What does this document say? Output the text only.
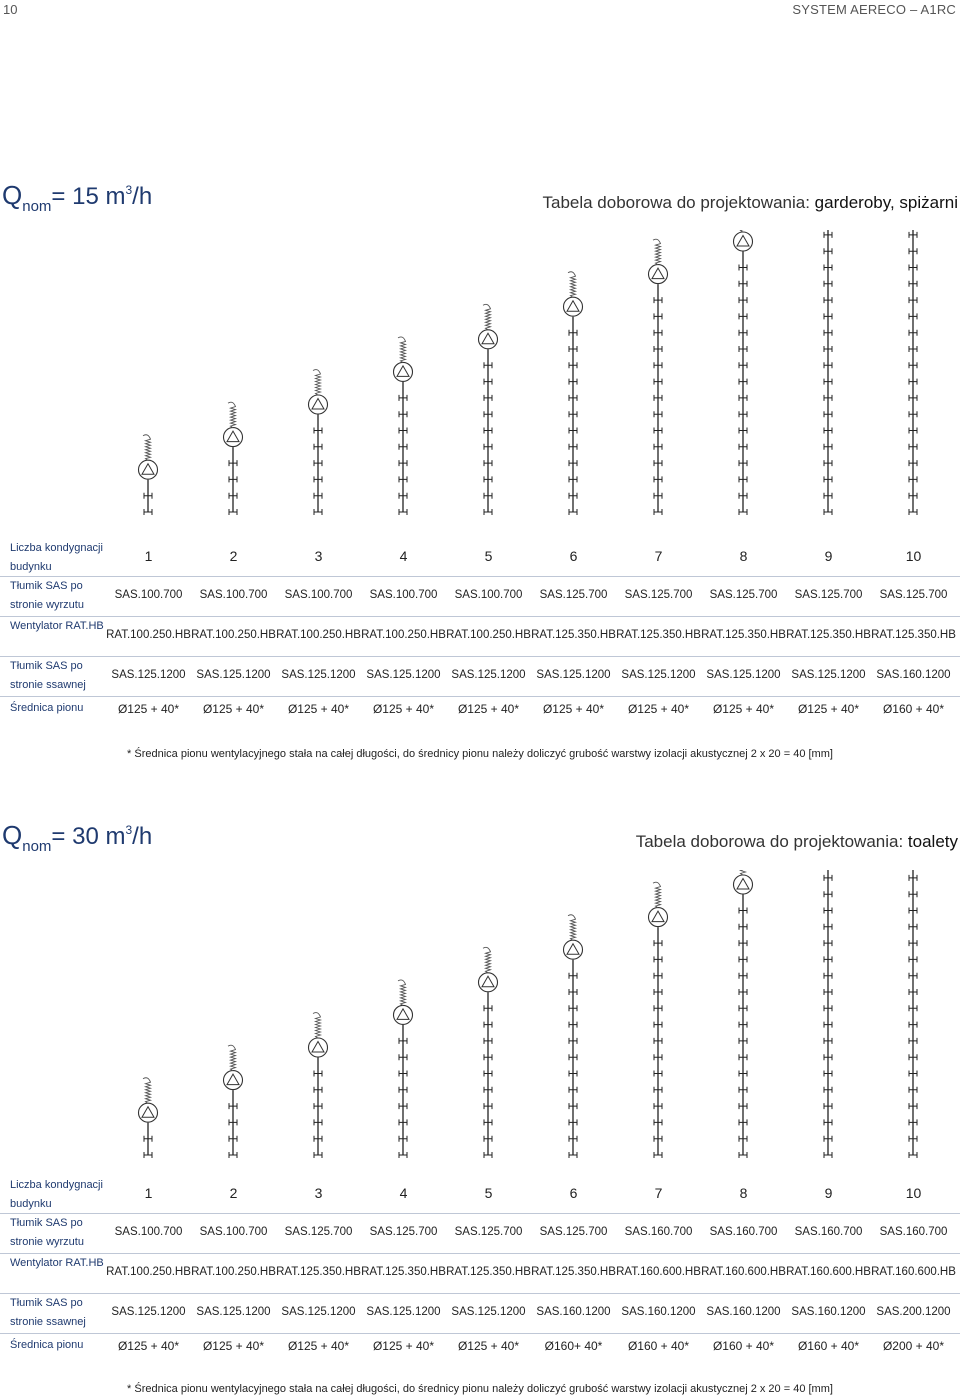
10	SYSTEM AERECO – A1RC
$Q_{nom}= 15$ $m^3/h$	Tabela doborowa do projektowania: garderoby, spiżarni
Liczba kondygnacji budynku
1	2	3	4	5	6	7	8	9	10
Tłumik SAS po stronie wyrzutu
SAS.100.700	SAS.100.700	SAS.100.700	SAS.100.700	SAS.100.700	SAS.125.700	SAS.125.700	SAS.125.700	SAS.125.700	SAS.125.700
Wentylator RAT.HB
RAT.100.250.HB RAT.100.250.HB RAT.100.250.HB RAT.100.250.HB RAT.100.250.HB RAT.125.350.HB RAT.125.350.HB RAT.125.350.HB RAT.125.350.HB RAT.125.350.HB
Tłumik SAS po stronie ssawnej
SAS.125.1200 SAS.125.1200 SAS.125.1200 SAS.125.1200 SAS.125.1200 SAS.125.1200 SAS.125.1200 SAS.125.1200 SAS.125.1200 SAS.160.1200
Średnica pionu	Ø125 + 40*	Ø125 + 40*	Ø125 + 40*	Ø125 + 40*	Ø125 + 40*	Ø125 + 40*	Ø125 + 40*	Ø125 + 40*	Ø125 + 40*	Ø160 + 40*
* Średnica pionu wentylacyjnego stała na całej długości, do średnicy pionu należy doliczyć grubość warstwy izolacji akustycznej 2 x 20 = 40 [mm]
$Q_{nom}= 30$ $m^3/h$	Tabela doborowa do projektowania: toalety
Liczba kondygnacji budynku
1	2	3	4	5	6	7	8	9	10
Tłumik SAS po stronie wyrzutu
SAS.100.700	SAS.100.700	SAS.125.700	SAS.125.700	SAS.125.700	SAS.125.700	SAS.160.700	SAS.160.700	SAS.160.700	SAS.160.700
Wentylator RAT.HB
RAT.100.250.HB RAT.100.250.HB RAT.125.350.HB RAT.125.350.HB RAT.125.350.HB RAT.125.350.HB RAT.160.600.HB RAT.160.600.HB RAT.160.600.HB RAT.160.600.HB
Tłumik SAS po stronie ssawnej
SAS.125.1200 SAS.125.1200 SAS.125.1200 SAS.125.1200 SAS.125.1200 SAS.160.1200 SAS.160.1200 SAS.160.1200 SAS.160.1200 SAS.200.1200
Średnica pionu	Ø125 + 40*	Ø125 + 40*	Ø125 + 40*	Ø125 + 40*	Ø125 + 40*	Ø160+ 40*	Ø160 + 40*	Ø160 + 40*	Ø160 + 40*	Ø200 + 40*
* Średnica pionu wentylacyjnego stała na całej długości, do średnicy pionu należy doliczyć grubość warstwy izolacji akustycznej 2 x 20 = 40 [mm]
